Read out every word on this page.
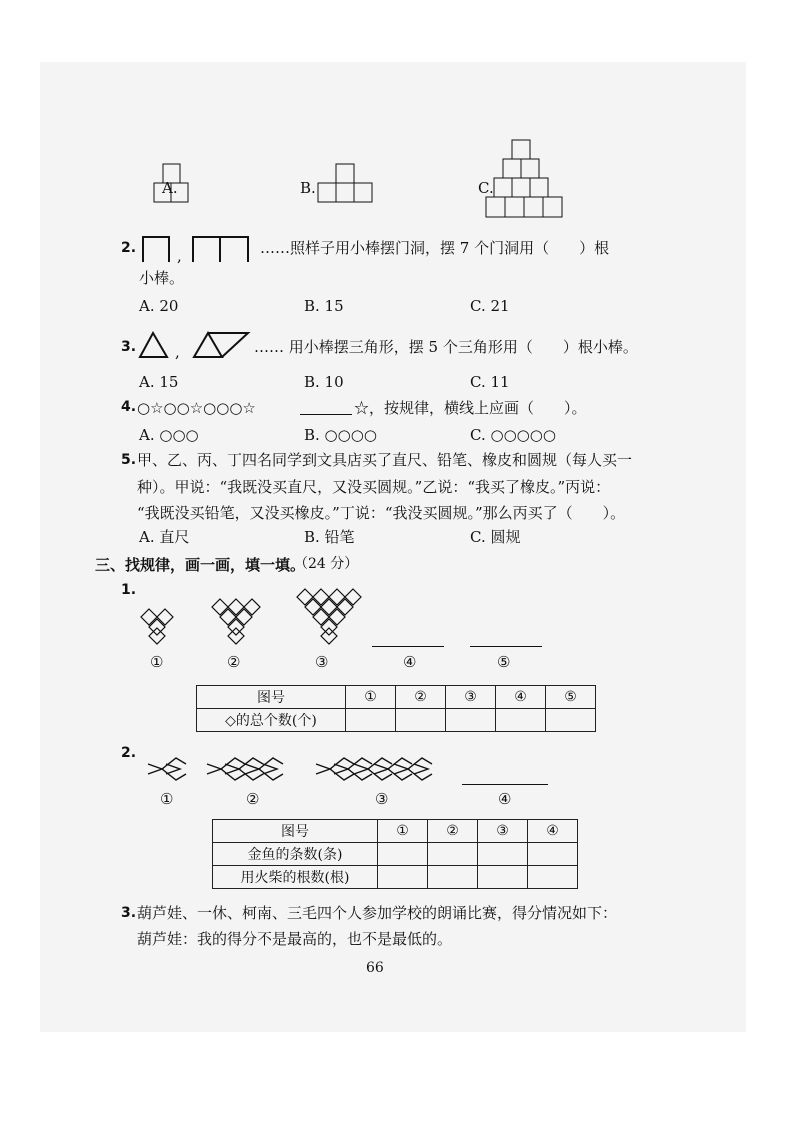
A.	B.	C.
2.	,	……照样子用小棒摆门洞，摆 7 个门洞用（　　）根
小棒。
A. 20	B. 15	C. 21
3.	,	…… 用小棒摆三角形，摆 5 个三角形用（　　）根小棒。
A. 15	B. 10	C. 11
4. ○☆○○☆○○○☆	☆，按规律，横线上应画（　　）。
A. ○○○	B. ○○○○	C. ○○○○○
5. 甲、乙、丙、丁四名同学到文具店买了直尺、铅笔、橡皮和圆规（每人买一
种）。甲说：“我既没买直尺，又没买圆规。”乙说：“我买了橡皮。”丙说：
“我既没买铅笔，又没买橡皮。”丁说：“我没买圆规。”那么丙买了（　　）。
A. 直尺	B. 铅笔	C. 圆规
三、找规律，画一画，填一填。
（24 分）
1.
①	②	③	④	⑤
图号	①	②	③	④	⑤
◇的总个数(个)					
2.
①	②	③	④
图号	①	②	③	④
金鱼的条数(条)				
用火柴的根数(根)				
3. 葫芦娃、一休、柯南、三毛四个人参加学校的朗诵比赛，得分情况如下：
葫芦娃：我的得分不是最高的，也不是最低的。
66
